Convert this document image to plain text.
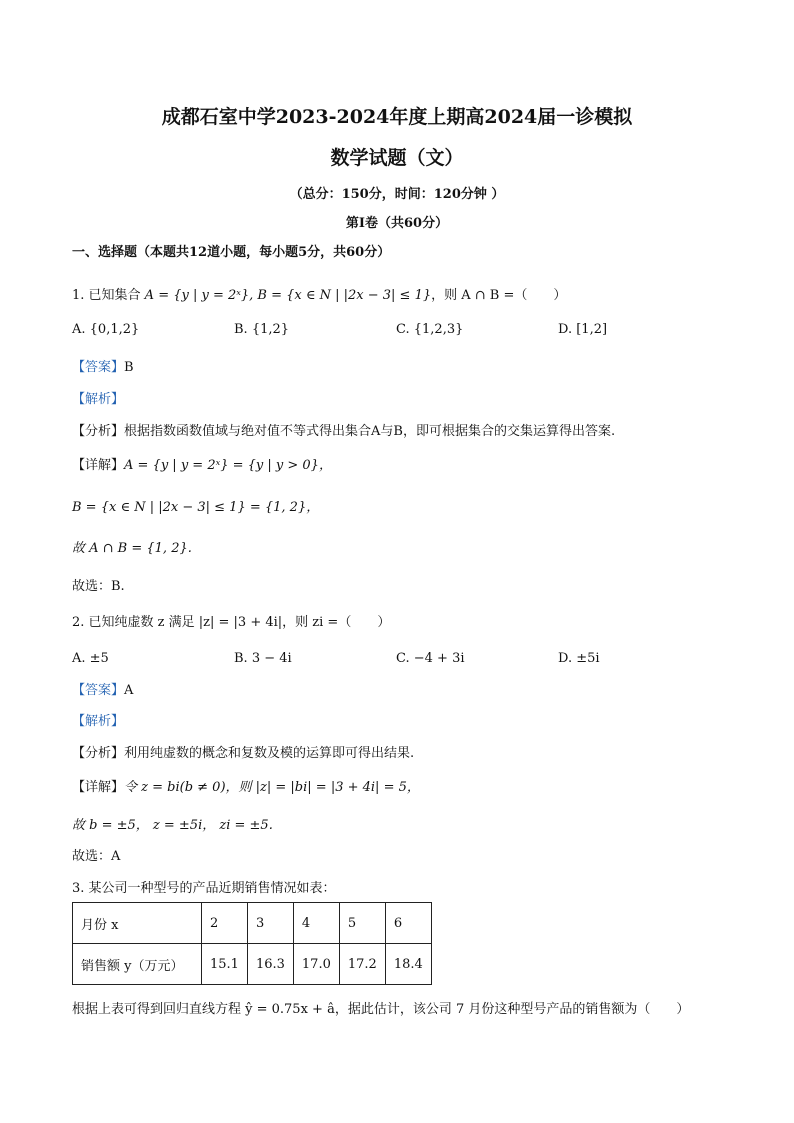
成都石室中学2023-2024年度上期高2024届一诊模拟
数学试题（文）
（总分：150分，时间：120分钟 ）
第Ⅰ卷（共60分）
一、选择题（本题共12道小题，每小题5分，共60分）
1. 已知集合 A = {y | y = 2ˣ}, B = {x ∈ N | |2x − 3| ≤ 1}，则 A ∩ B =（　　）
A. {0,1,2}	B. {1,2}	C. {1,2,3}	D. [1,2]
【答案】B
【解析】
【分析】根据指数函数值域与绝对值不等式得出集合A与B，即可根据集合的交集运算得出答案.
【详解】A = {y | y = 2ˣ} = {y | y > 0}，
B = {x ∈ N | |2x − 3| ≤ 1} = {1, 2}，
故 A ∩ B = {1, 2}.
故选：B.
2. 已知纯虚数 z 满足 |z| = |3 + 4i|，则 zi =（　　）
A. ±5	B. 3 − 4i	C. −4 + 3i	D. ±5i
【答案】A
【解析】
【分析】利用纯虚数的概念和复数及模的运算即可得出结果.
【详解】令 z = bi(b ≠ 0)，则 |z| = |bi| = |3 + 4i| = 5，
故 b = ±5， z = ±5i， zi = ±5.
故选：A
3. 某公司一种型号的产品近期销售情况如表：
月份 x	2	3	4	5	6
销售额 y（万元）	15.1	16.3	17.0	17.2	18.4
根据上表可得到回归直线方程 ŷ = 0.75x + â，据此估计，该公司 7 月份这种型号产品的销售额为（　　）
